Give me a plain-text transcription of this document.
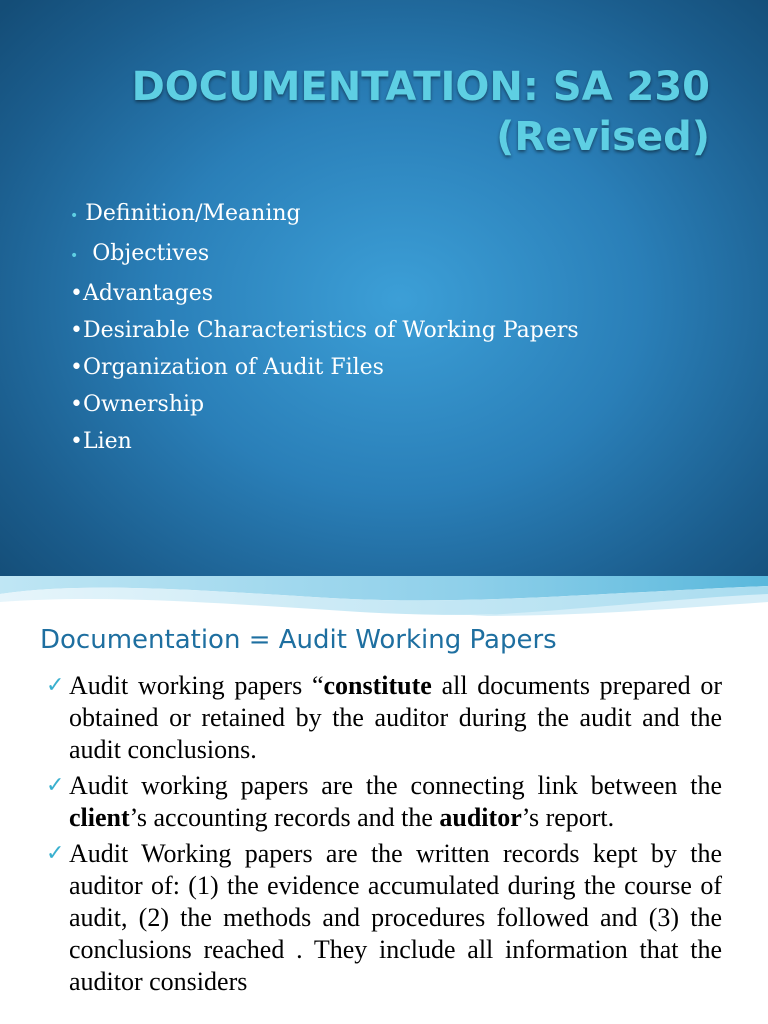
DOCUMENTATION: SA 230
(Revised)
• Definition/Meaning
• Objectives
•Advantages
•Desirable Characteristics of Working Papers
•Organization of Audit Files
•Ownership
•Lien
Documentation = Audit Working Papers
✓ Audit working papers “constitute all documents prepared or obtained or retained by the auditor during the audit and the audit conclusions.
✓ Audit working papers are the connecting link between the client’s accounting records and the auditor’s report.
✓ Audit Working papers are the written records kept by the auditor of: (1) the evidence accumulated during the course of audit, (2) the methods and procedures followed and (3) the conclusions reached . They include all information that the auditor considers
